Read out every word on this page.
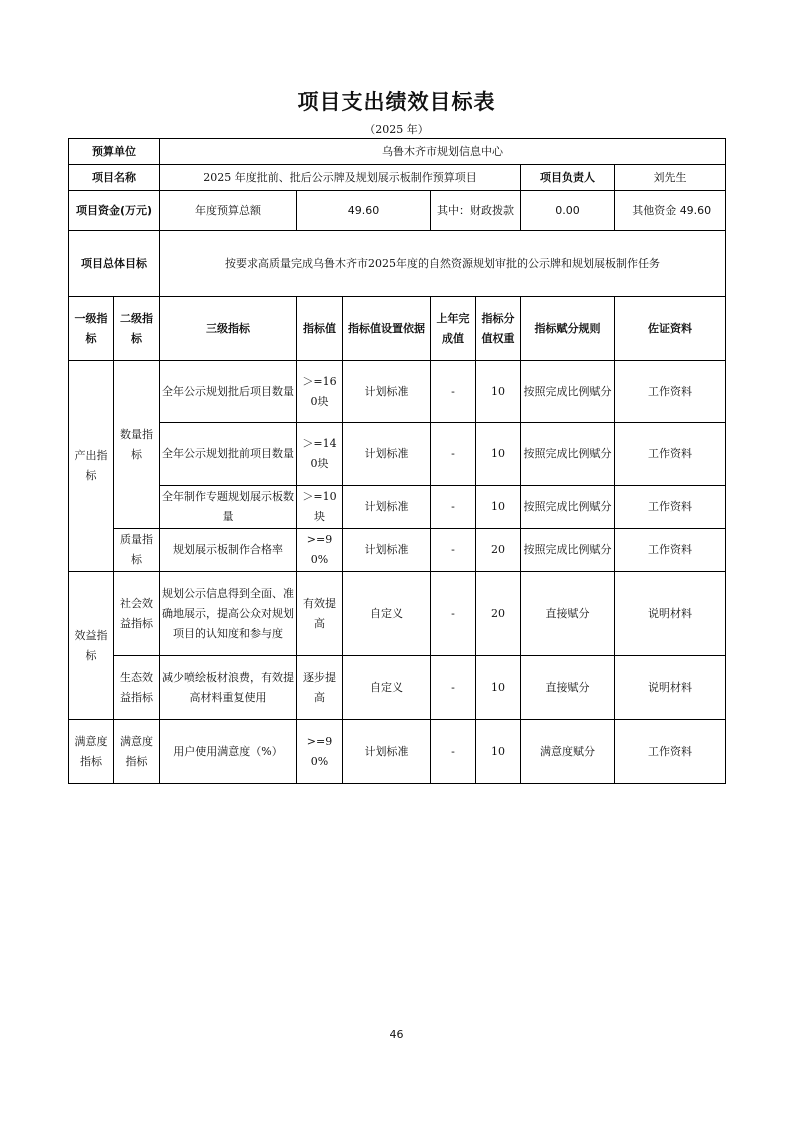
项目支出绩效目标表
（2025 年）
预算单位		乌鲁木齐市规划信息中心						
项目名称		2025 年度批前、批后公示牌及规划展示板制作预算项目					项目负责人	刘先生
项目资金(万元)		年度预算总额	49.60		其中：财政拨款		0.00	其他资金 49.60
项目总体目标		按要求高质量完成乌鲁木齐市2025年度的自然资源规划审批的公示牌和规划展板制作任务						
一级指标	二级指标	三级指标	指标值	指标值设置依据	上年完成值	指标分值权重	指标赋分规则	佐证资料
产出指标	数量指标	全年公示规划批后项目数量	＞=160块	计划标准	-	10	按照完成比例赋分	工作资料
		全年公示规划批前项目数量	＞=140块	计划标准	-	10	按照完成比例赋分	工作资料
		全年制作专题规划展示板数量	＞=10块	计划标准	-	10	按照完成比例赋分	工作资料
	质量指标	规划展示板制作合格率	>=90%	计划标准	-	20	按照完成比例赋分	工作资料
效益指标	社会效益指标	规划公示信息得到全面、准确地展示，提高公众对规划项目的认知度和参与度	有效提高	自定义	-	20	直接赋分	说明材料
	生态效益指标	减少喷绘板材浪费，有效提高材料重复使用	逐步提高	自定义	-	10	直接赋分	说明材料
满意度指标	满意度指标	用户使用满意度（%）	>=90%	计划标准	-	10	满意度赋分	工作资料
46
